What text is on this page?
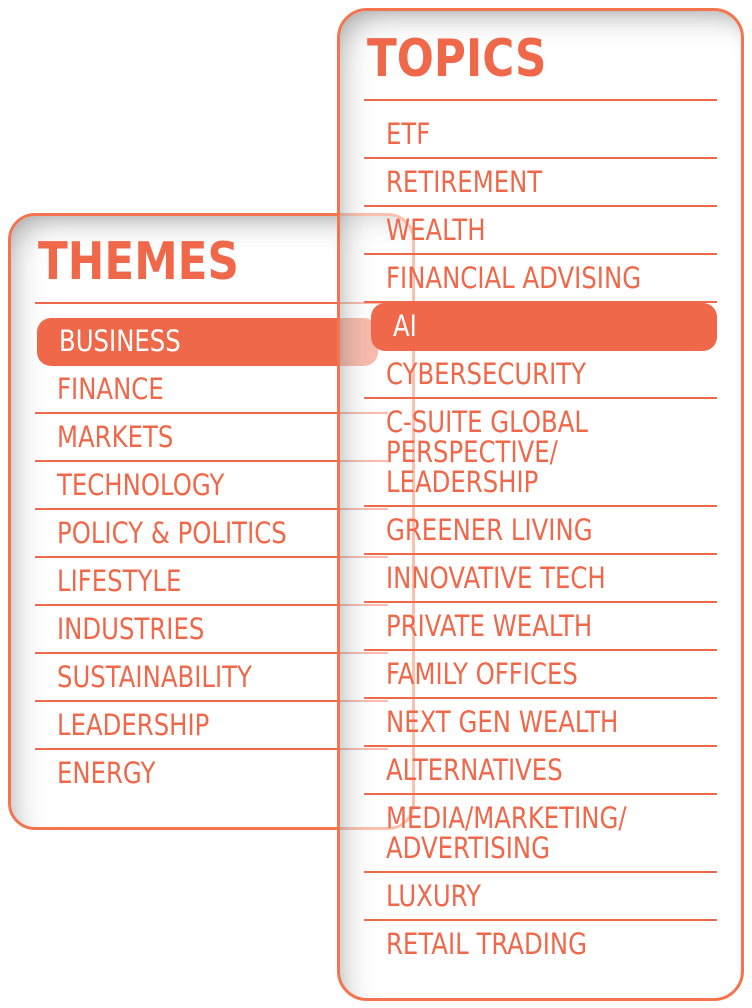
THEMES
BUSINESS
FINANCE
MARKETS
TECHNOLOGY
POLICY & POLITICS
LIFESTYLE
INDUSTRIES
SUSTAINABILITY
LEADERSHIP
ENERGY
TOPICS
ETF
RETIREMENT
WEALTH
FINANCIAL ADVISING
AI
CYBERSECURITY
C-SUITE GLOBAL
PERSPECTIVE/
LEADERSHIP
GREENER LIVING
INNOVATIVE TECH
PRIVATE WEALTH
FAMILY OFFICES
NEXT GEN WEALTH
ALTERNATIVES
MEDIA/MARKETING/
ADVERTISING
LUXURY
RETAIL TRADING
